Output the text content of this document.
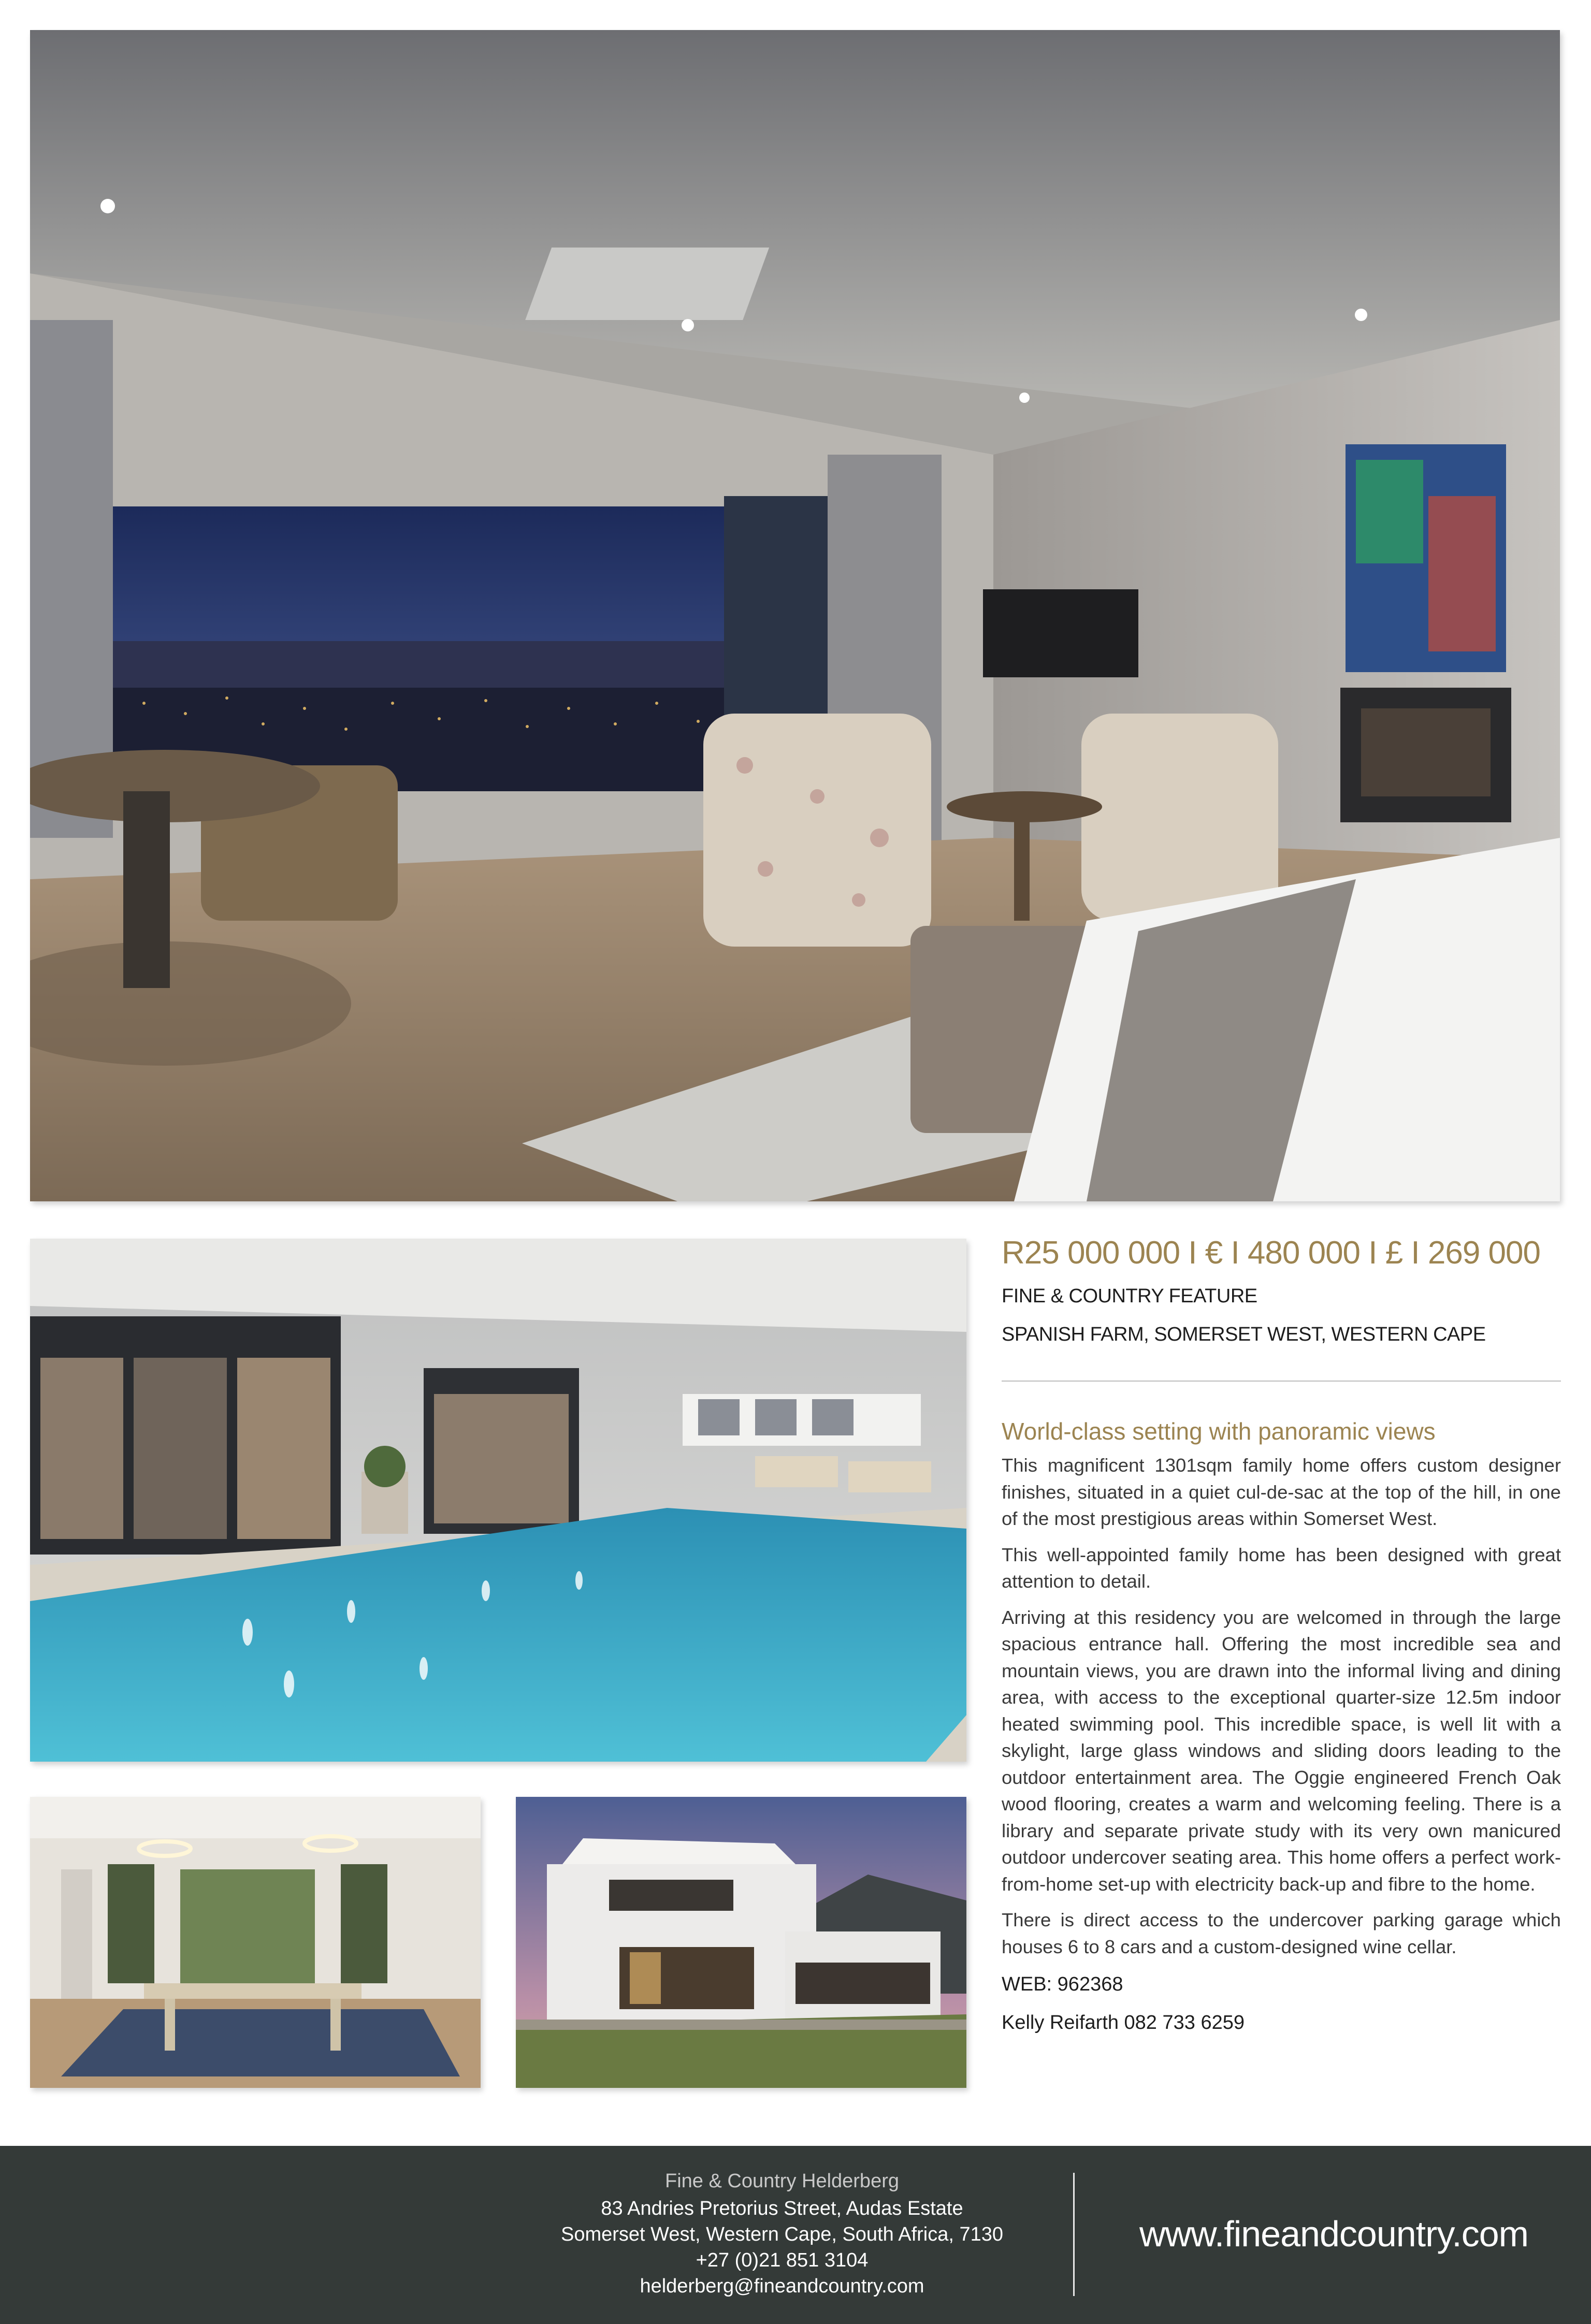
R25 000 000 I € I 480 000 I £ I 269 000
FINE & COUNTRY FEATURE
SPANISH FARM, SOMERSET WEST, WESTERN CAPE
World-class setting with panoramic views

This magnificent 1301sqm family home offers custom designer finishes, situated in a quiet cul-de-sac at the top of the hill, in one of the most prestigious areas within Somerset West.

This well-appointed family home has been designed with great attention to detail.

Arriving at this residency you are welcomed in through the large spacious entrance hall. Offering the most incredible sea and mountain views, you are drawn into the informal living and dining area, with access to the exceptional quarter-size 12.5m indoor heated swimming pool. This incredible space, is well lit with a skylight, large glass windows and sliding doors leading to the outdoor entertainment area. The Oggie engineered French Oak wood flooring, creates a warm and welcoming feeling. There is a library and separate private study with its very own manicured outdoor undercover seating area. This home offers a perfect work-from-home set-up with electricity back-up and fibre to the home.

There is direct access to the undercover parking garage which houses 6 to 8 cars and a custom-designed wine cellar.

WEB: 962368
Kelly Reifarth 082 733 6259
Fine & Country Helderberg
83 Andries Pretorius Street, Audas Estate
Somerset West, Western Cape, South Africa, 7130
+27 (0)21 851 3104
helderberg@fineandcountry.com
www.fineandcountry.com
